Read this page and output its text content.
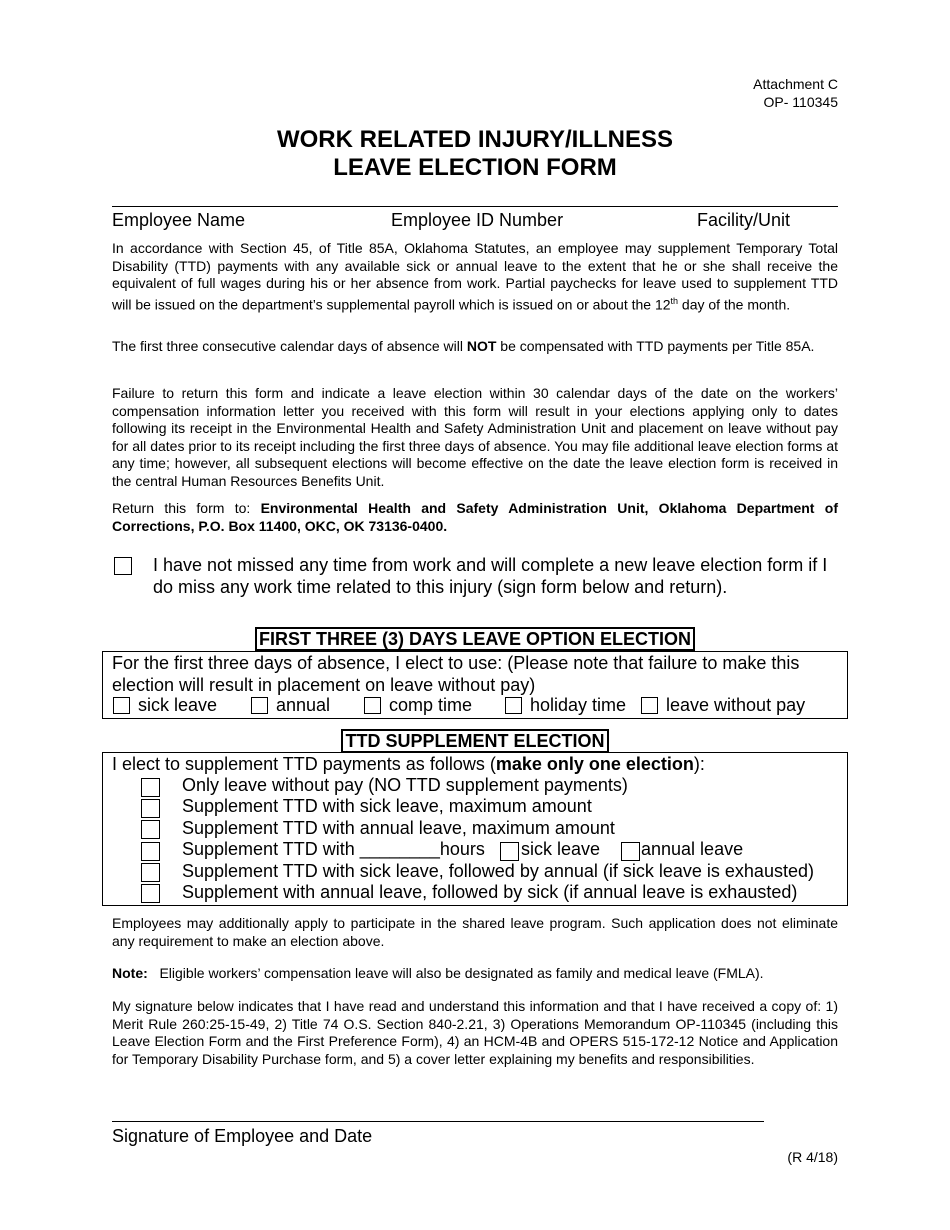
Attachment C
OP- 110345
WORK RELATED INJURY/ILLNESS
LEAVE ELECTION FORM
Employee Name	Employee ID Number	Facility/Unit
In accordance with Section 45, of Title 85A, Oklahoma Statutes, an employee may supplement Temporary Total Disability (TTD) payments with any available sick or annual leave to the extent that he or she shall receive the equivalent of full wages during his or her absence from work. Partial paychecks for leave used to supplement TTD will be issued on the department’s supplemental payroll which is issued on or about the 12th day of the month.
The first three consecutive calendar days of absence will NOT be compensated with TTD payments per Title 85A.
Failure to return this form and indicate a leave election within 30 calendar days of the date on the workers’ compensation information letter you received with this form will result in your elections applying only to dates following its receipt in the Environmental Health and Safety Administration Unit and placement on leave without pay for all dates prior to its receipt including the first three days of absence. You may file additional leave election forms at any time; however, all subsequent elections will become effective on the date the leave election form is received in the central Human Resources Benefits Unit.
Return this form to: Environmental Health and Safety Administration Unit, Oklahoma Department of Corrections, P.O. Box 11400, OKC, OK 73136-0400.
I have not missed any time from work and will complete a new leave election form if I do miss any work time related to this injury (sign form below and return).
FIRST THREE (3) DAYS LEAVE OPTION ELECTION
For the first three days of absence, I elect to use: (Please note that failure to make this election will result in placement on leave without pay)
sick leave	annual	comp time	holiday time leave without pay
TTD SUPPLEMENT ELECTION
I elect to supplement TTD payments as follows (make only one election):
Only leave without pay (NO TTD supplement payments)
Supplement TTD with sick leave, maximum amount
Supplement TTD with annual leave, maximum amount
Supplement TTD with ________hours sick leave annual leave
Supplement TTD with sick leave, followed by annual (if sick leave is exhausted)
Supplement with annual leave, followed by sick (if annual leave is exhausted)
Employees may additionally apply to participate in the shared leave program. Such application does not eliminate any requirement to make an election above.
Note:   Eligible workers’ compensation leave will also be designated as family and medical leave (FMLA).
My signature below indicates that I have read and understand this information and that I have received a copy of: 1) Merit Rule 260:25-15-49, 2) Title 74 O.S. Section 840-2.21, 3) Operations Memorandum OP-110345 (including this Leave Election Form and the First Preference Form), 4) an HCM-4B and OPERS 515-172-12 Notice and Application for Temporary Disability Purchase form, and 5) a cover letter explaining my benefits and responsibilities.
Signature of Employee and Date
(R 4/18)
